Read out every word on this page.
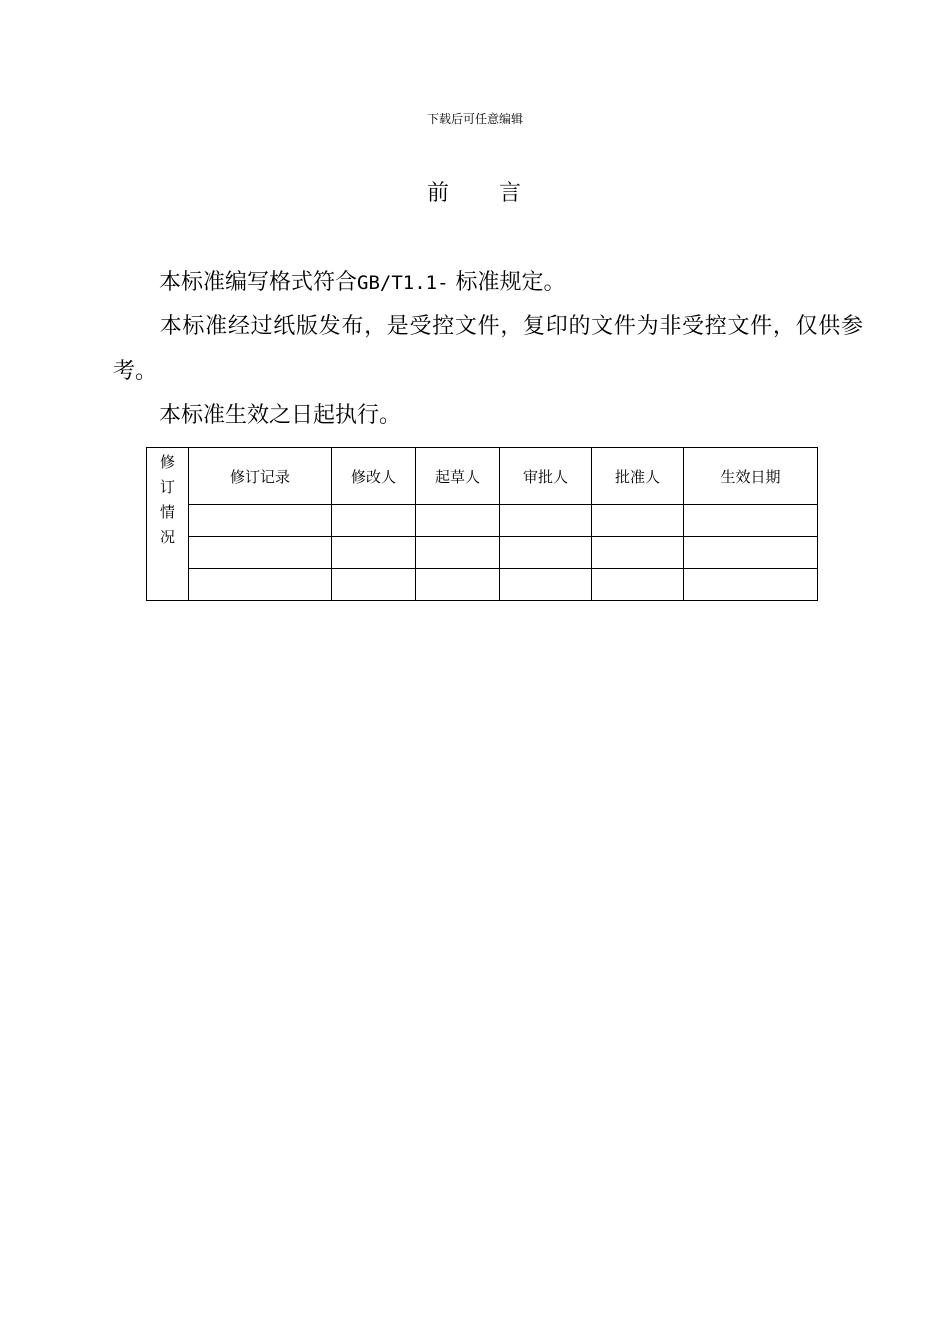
下载后可任意编辑
前 言
本标准编写格式符合GB/T1.1- 标准规定。
本标准经过纸版发布，是受控文件，复印的文件为非受控文件，仅供参考。
本标准生效之日起执行。
修订情况	修订记录	修改人	起草人	审批人	批准人	生效日期
